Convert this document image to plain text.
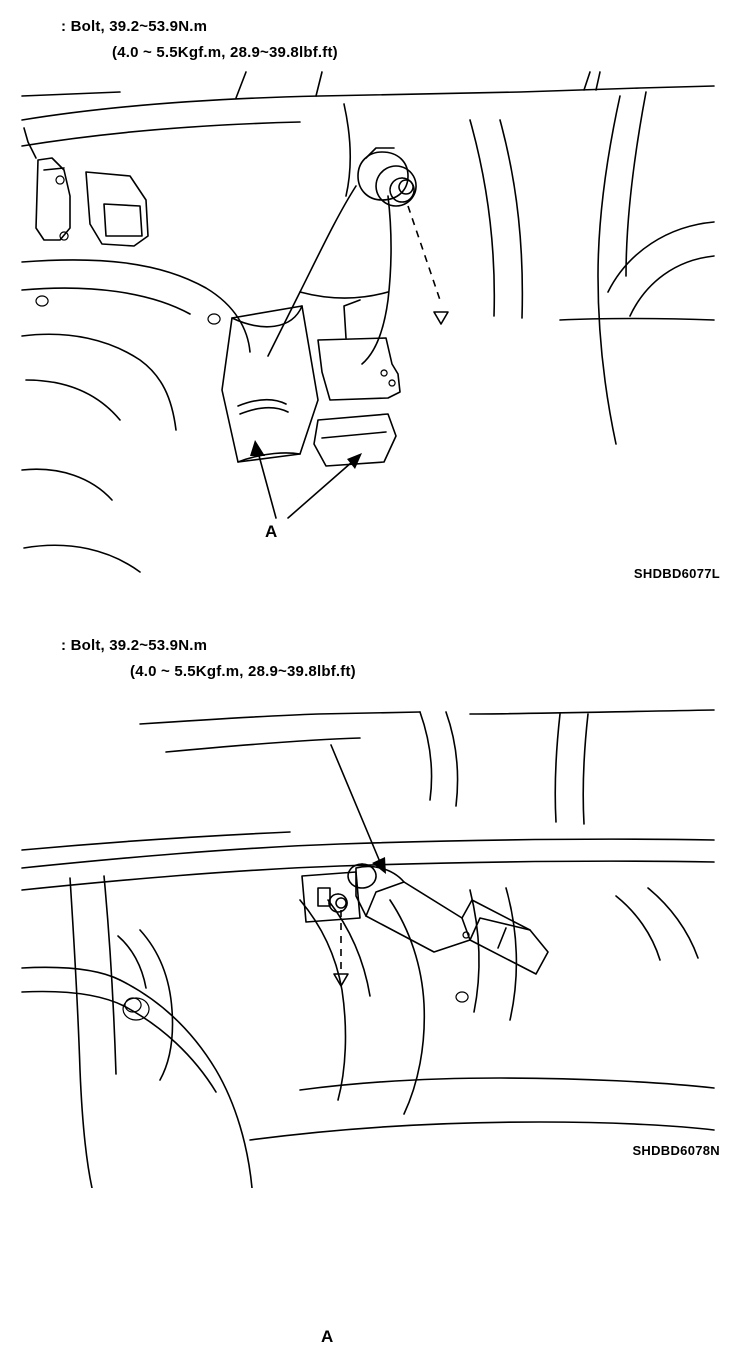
: Bolt, 39.2~53.9N.m
(4.0 ~ 5.5Kgf.m, 28.9~39.8lbf.ft)
A
SHDBD6077L
: Bolt, 39.2~53.9N.m
(4.0 ~ 5.5Kgf.m, 28.9~39.8lbf.ft)
A
SHDBD6078N
